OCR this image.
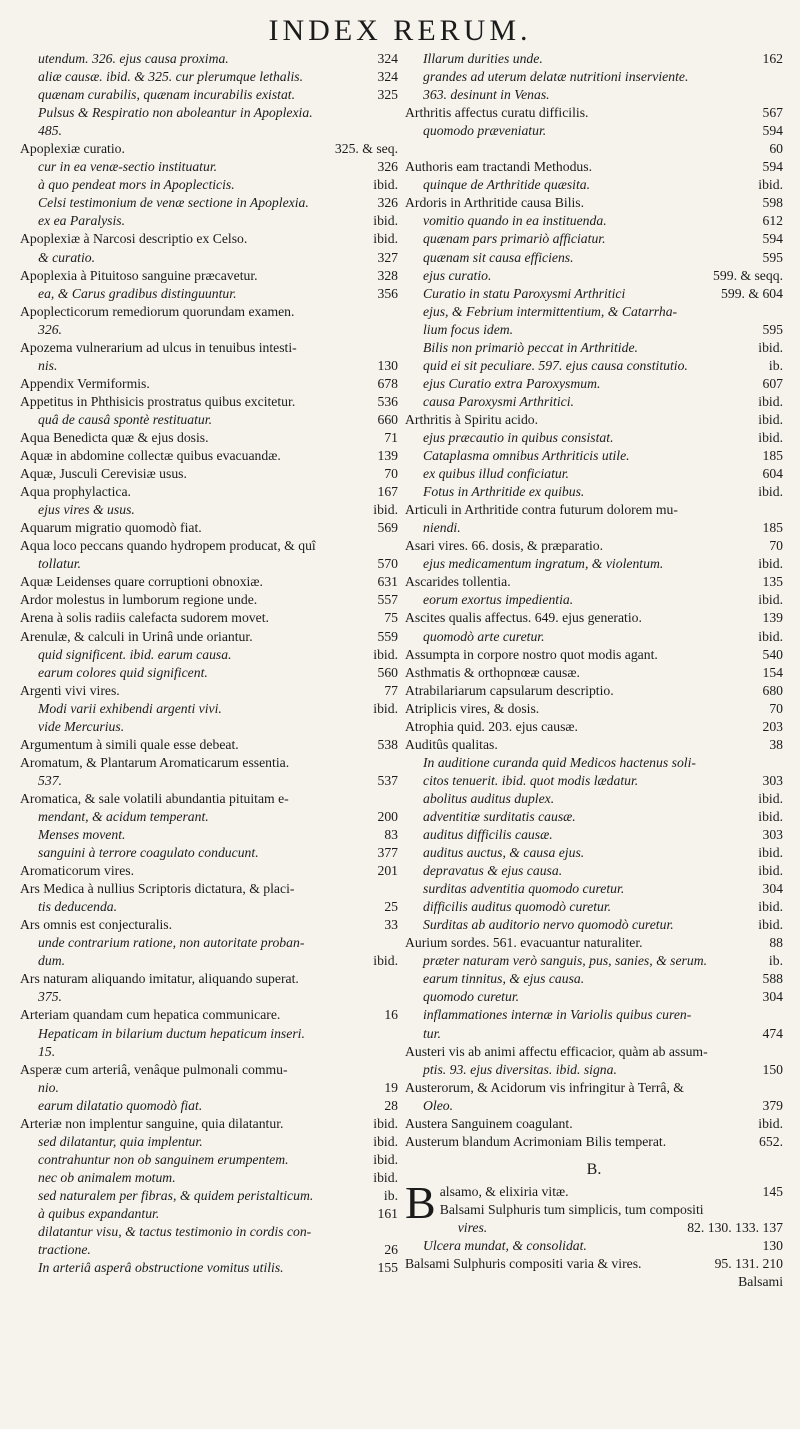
INDEX RERUM.
utendum. 326. ejus causa proxima.	324
aliæ causæ. ibid. & 325. cur plerumque lethalis.	324
quænam curabilis, quænam incurabilis existat.	325
Pulsus & Respiratio non aboleantur in Apoplexia.
485.
Apoplexiæ curatio.	325. & seq.
cur in ea venæ-sectio instituatur.	326
à quo pendeat mors in Apoplecticis.	ibid.
Celsi testimonium de venæ sectione in Apoplexia.	326
ex ea Paralysis.	ibid.
Apoplexiæ à Narcosi descriptio ex Celso.	ibid.
& curatio.	327
Apoplexia à Pituitoso sanguine præcavetur.	328
ea, & Carus gradibus distinguuntur.	356
Apoplecticorum remediorum quorundam examen.
326.
Apozema vulnerarium ad ulcus in tenuibus intesti-
nis.	130
Appendix Vermiformis.	678
Appetitus in Phthisicis prostratus quibus excitetur.	536
quâ de causâ spontè restituatur.	660
Aqua Benedicta quæ & ejus dosis.	71
Aquæ in abdomine collectæ quibus evacuandæ.	139
Aquæ, Jusculi Cerevisiæ usus.	70
Aqua prophylactica.	167
ejus vires & usus.	ibid.
Aquarum migratio quomodò fiat.	569
Aqua loco peccans quando hydropem producat, & quî
tollatur.	570
Aquæ Leidenses quare corruptioni obnoxiæ.	631
Ardor molestus in lumborum regione unde.	557
Arena à solis radiis calefacta sudorem movet.	75
Arenulæ, & calculi in Urinâ unde oriantur.	559
quid significent. ibid. earum causa.	ibid.
earum colores quid significent.	560
Argenti vivi vires.	77
Modi varii exhibendi argenti vivi.	ibid.
vide Mercurius.
Argumentum à simili quale esse debeat.	538
Aromatum, & Plantarum Aromaticarum essentia.
537.	537
Aromatica, & sale volatili abundantia pituitam e-
mendant, & acidum temperant.	200
Menses movent.	83
sanguini à terrore coagulato conducunt.	377
Aromaticorum vires.	201
Ars Medica à nullius Scriptoris dictatura, & placi-
tis deducenda.	25
Ars omnis est conjecturalis.	33
unde contrarium ratione, non autoritate proban-
dum.	ibid.
Ars naturam aliquando imitatur, aliquando superat.
375.
Arteriam quandam cum hepatica communicare.	16
Hepaticam in bilarium ductum hepaticum inseri.
15.
Asperæ cum arteriâ, venâque pulmonali commu-
nio.	19
earum dilatatio quomodò fiat.	28
Arteriæ non implentur sanguine, quia dilatantur.	ibid.
sed dilatantur, quia implentur.	ibid.
contrahuntur non ob sanguinem erumpentem.	ibid.
nec ob animalem motum.	ibid.
sed naturalem per fibras, & quidem peristalticum.	ib.
à quibus expandantur.	161
dilatantur visu, & tactus testimonio in cordis con-
tractione.	26
In arteriâ asperâ obstructione vomitus utilis.	155
Illarum durities unde.	162
grandes ad uterum delatæ nutritioni inserviente.
363. desinunt in Venas.
Arthritis affectus curatu difficilis.	567
quomodo præveniatur.	594
60
Authoris eam tractandi Methodus.	594
quinque de Arthritide quæsita.	ibid.
Ardoris in Arthritide causa Bilis.	598
vomitio quando in ea instituenda.	612
quænam pars primariò afficiatur.	594
quænam sit causa efficiens.	595
ejus curatio.	599. & seqq.
Curatio in statu Paroxysmi Arthritici	599. & 604
ejus, & Febrium intermittentium, & Catarrha-
lium focus idem.	595
Bilis non primariò peccat in Arthritide.	ibid.
quid ei sit peculiare. 597. ejus causa constitutio.	ib.
ejus Curatio extra Paroxysmum.	607
causa Paroxysmi Arthritici.	ibid.
Arthritis à Spiritu acido.	ibid.
ejus præcautio in quibus consistat.	ibid.
Cataplasma omnibus Arthriticis utile.	185
ex quibus illud conficiatur.	604
Fotus in Arthritide ex quibus.	ibid.
Articuli in Arthritide contra futurum dolorem mu-
niendi.	185
Asari vires. 66. dosis, & præparatio.	70
ejus medicamentum ingratum, & violentum.	ibid.
Ascarides tollentia.	135
eorum exortus impedientia.	ibid.
Ascites qualis affectus. 649. ejus generatio.	139
quomodò arte curetur.	ibid.
Assumpta in corpore nostro quot modis agant.	540
Asthmatis & orthopnœæ causæ.	154
Atrabilariarum capsularum descriptio.	680
Atriplicis vires, & dosis.	70
Atrophia quid. 203. ejus causæ.	203
Auditûs qualitas.	38
In auditione curanda quid Medicos hactenus soli-
citos tenuerit. ibid. quot modis lædatur.	303
abolitus auditus duplex.	ibid.
adventitiæ surditatis causæ.	ibid.
auditus difficilis causæ.	303
auditus auctus, & causa ejus.	ibid.
depravatus & ejus causa.	ibid.
surditas adventitia quomodo curetur.	304
difficilis auditus quomodò curetur.	ibid.
Surditas ab auditorio nervo quomodò curetur.	ibid.
Aurium sordes. 561. evacuantur naturaliter.	88
præter naturam verò sanguis, pus, sanies, & serum.	ib.
earum tinnitus, & ejus causa.	588
quomodo curetur.	304
inflammationes internæ in Variolis quibus curen-
tur.	474
Austeri vis ab animi affectu efficacior, quàm ab assum-
ptis. 93. ejus diversitas. ibid. signa.	150
Austerorum, & Acidorum vis infringitur à Terrâ, &
Oleo.	379
Austera Sanguinem coagulant.	ibid.
Austerum blandum Acrimoniam Bilis temperat.	652.
B.
B alsamo, & elixiria vitæ.	145
Balsami Sulphuris tum simplicis, tum compositi
vires.	82. 130. 133. 137
Ulcera mundat, & consolidat.	130
Balsami Sulphuris compositi varia & vires.	95. 131. 210
Balsami
